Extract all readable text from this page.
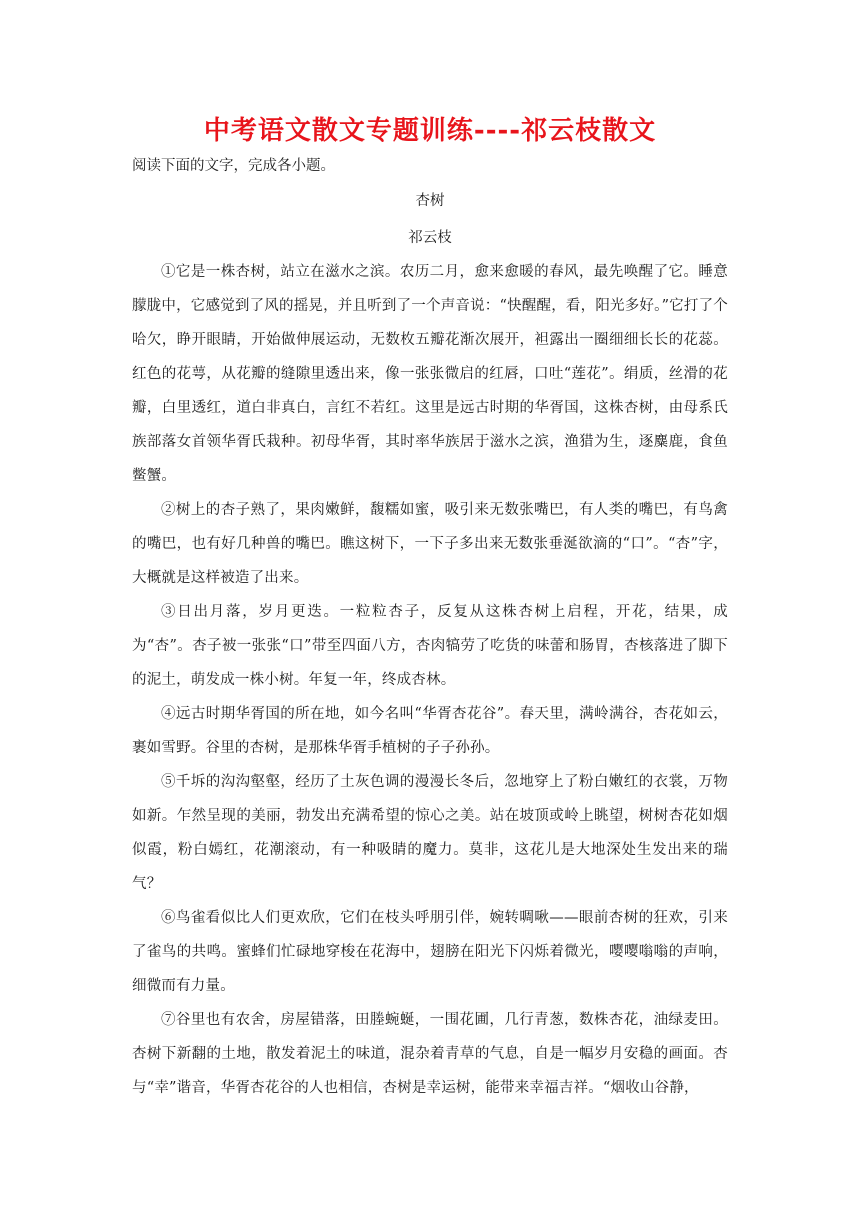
中考语文散文专题训练----祁云枝散文
阅读下面的文字，完成各小题。
杏树
祁云枝

①它是一株杏树，站立在滋水之滨。农历二月，愈来愈暖的春风，最先唤醒了它。睡意朦胧中，它感觉到了风的摇晃，并且听到了一个声音说：“快醒醒，看，阳光多好。”它打了个哈欠，睁开眼睛，开始做伸展运动，无数枚五瓣花渐次展开，袒露出一圈细细长长的花蕊。红色的花萼，从花瓣的缝隙里透出来，像一张张微启的红唇，口吐“莲花”。绢质，丝滑的花瓣，白里透红，道白非真白，言红不若红。这里是远古时期的华胥国，这株杏树，由母系氏族部落女首领华胥氏栽种。初母华胥，其时率华族居于滋水之滨，渔猎为生，逐麋鹿，食鱼鳖蟹。

②树上的杏子熟了，果肉嫩鲜，馥糯如蜜，吸引来无数张嘴巴，有人类的嘴巴，有鸟禽的嘴巴，也有好几种兽的嘴巴。瞧这树下，一下子多出来无数张垂涎欲滴的“口”。“杏”字，大概就是这样被造了出来。

③日出月落，岁月更迭。一粒粒杏子，反复从这株杏树上启程，开花，结果，成为“杏”。杏子被一张张“口”带至四面八方，杏肉犒劳了吃货的味蕾和肠胃，杏核落进了脚下的泥土，萌发成一株小树。年复一年，终成杏林。

④远古时期华胥国的所在地，如今名叫“华胥杏花谷”。春天里，满岭满谷，杏花如云，裹如雪野。谷里的杏树，是那株华胥手植树的子子孙孙。

⑤千坼的沟沟壑壑，经历了土灰色调的漫漫长冬后，忽地穿上了粉白嫩红的衣裳，万物如新。乍然呈现的美丽，勃发出充满希望的惊心之美。站在坡顶或岭上眺望，树树杏花如烟似霞，粉白嫣红，花潮滚动，有一种吸睛的魔力。莫非，这花儿是大地深处生发出来的瑞气？

⑥鸟雀看似比人们更欢欣，它们在枝头呼朋引伴，婉转啁啾——眼前杏树的狂欢，引来了雀鸟的共鸣。蜜蜂们忙碌地穿梭在花海中，翅膀在阳光下闪烁着微光，嘤嘤嗡嗡的声响，细微而有力量。

⑦谷里也有农舍，房屋错落，田塍蜿蜒，一围花圃，几行青葱，数株杏花，油绿麦田。杏树下新翻的土地，散发着泥土的味道，混杂着青草的气息，自是一幅岁月安稳的画面。杏与“幸”谐音，华胥杏花谷的人也相信，杏树是幸运树，能带来幸福吉祥。“烟收山谷静，
